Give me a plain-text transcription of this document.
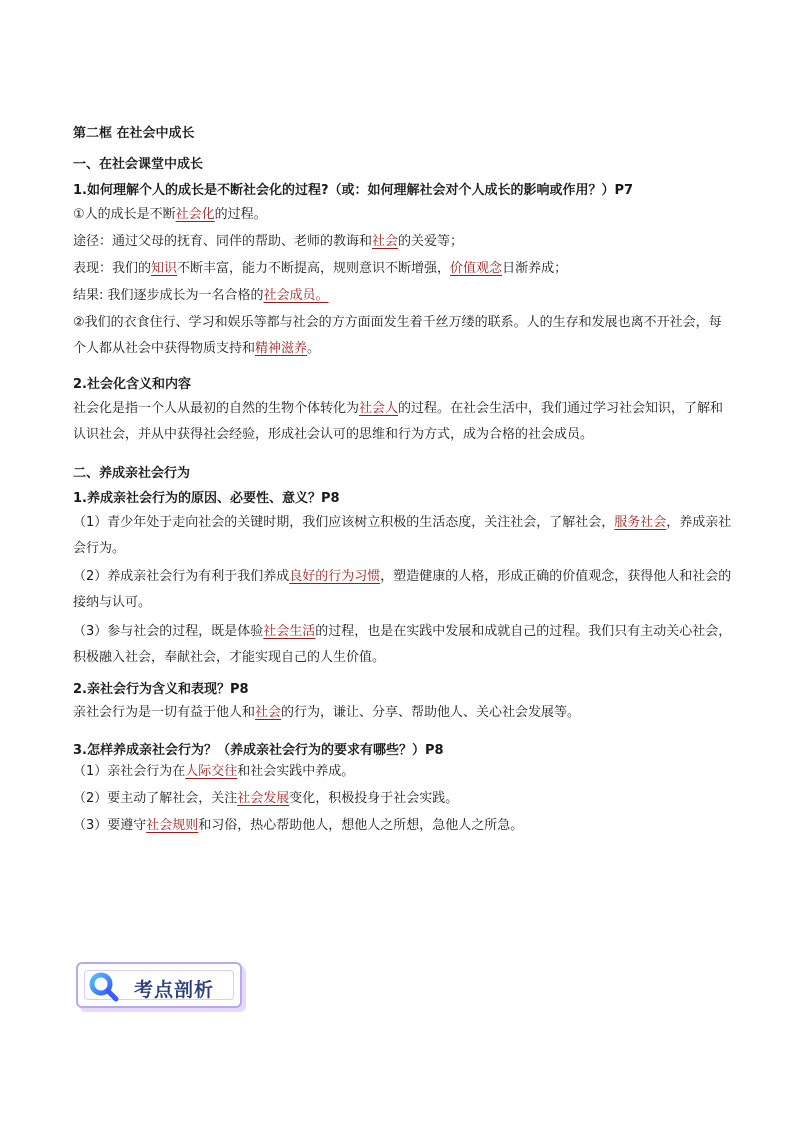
第二框 在社会中成长
一、在社会课堂中成长
1.如何理解个人的成长是不断社会化的过程?（或：如何理解社会对个人成长的影响或作用？）P7
①人的成长是不断社会化的过程。
途径：通过父母的抚育、同伴的帮助、老师的教诲和社会的关爱等；
表现：我们的知识不断丰富，能力不断提高，规则意识不断增强，价值观念日渐养成；
结果: 我们逐步成长为一名合格的社会成员。
②我们的衣食住行、学习和娱乐等都与社会的方方面面发生着千丝万缕的联系。人的生存和发展也离不开社会，每个人都从社会中获得物质支持和精神滋养。
2.社会化含义和内容
社会化是指一个人从最初的自然的生物个体转化为社会人的过程。在社会生活中，我们通过学习社会知识，了解和认识社会，并从中获得社会经验，形成社会认可的思维和行为方式，成为合格的社会成员。
二、养成亲社会行为
1.养成亲社会行为的原因、必要性、意义？P8
（1）青少年处于走向社会的关键时期，我们应该树立积极的生活态度，关注社会，了解社会，服务社会，养成亲社会行为。
（2）养成亲社会行为有利于我们养成良好的行为习惯，塑造健康的人格，形成正确的价值观念，获得他人和社会的接纳与认可。
（3）参与社会的过程，既是体验社会生活的过程，也是在实践中发展和成就自己的过程。我们只有主动关心社会，积极融入社会，奉献社会，才能实现自己的人生价值。
2.亲社会行为含义和表现？P8
亲社会行为是一切有益于他人和社会的行为，谦让、分享、帮助他人、关心社会发展等。
3.怎样养成亲社会行为？（养成亲社会行为的要求有哪些？）P8
（1）亲社会行为在人际交往和社会实践中养成。
（2）要主动了解社会，关注社会发展变化，积极投身于社会实践。
（3）要遵守社会规则和习俗，热心帮助他人，想他人之所想，急他人之所急。
考点剖析
